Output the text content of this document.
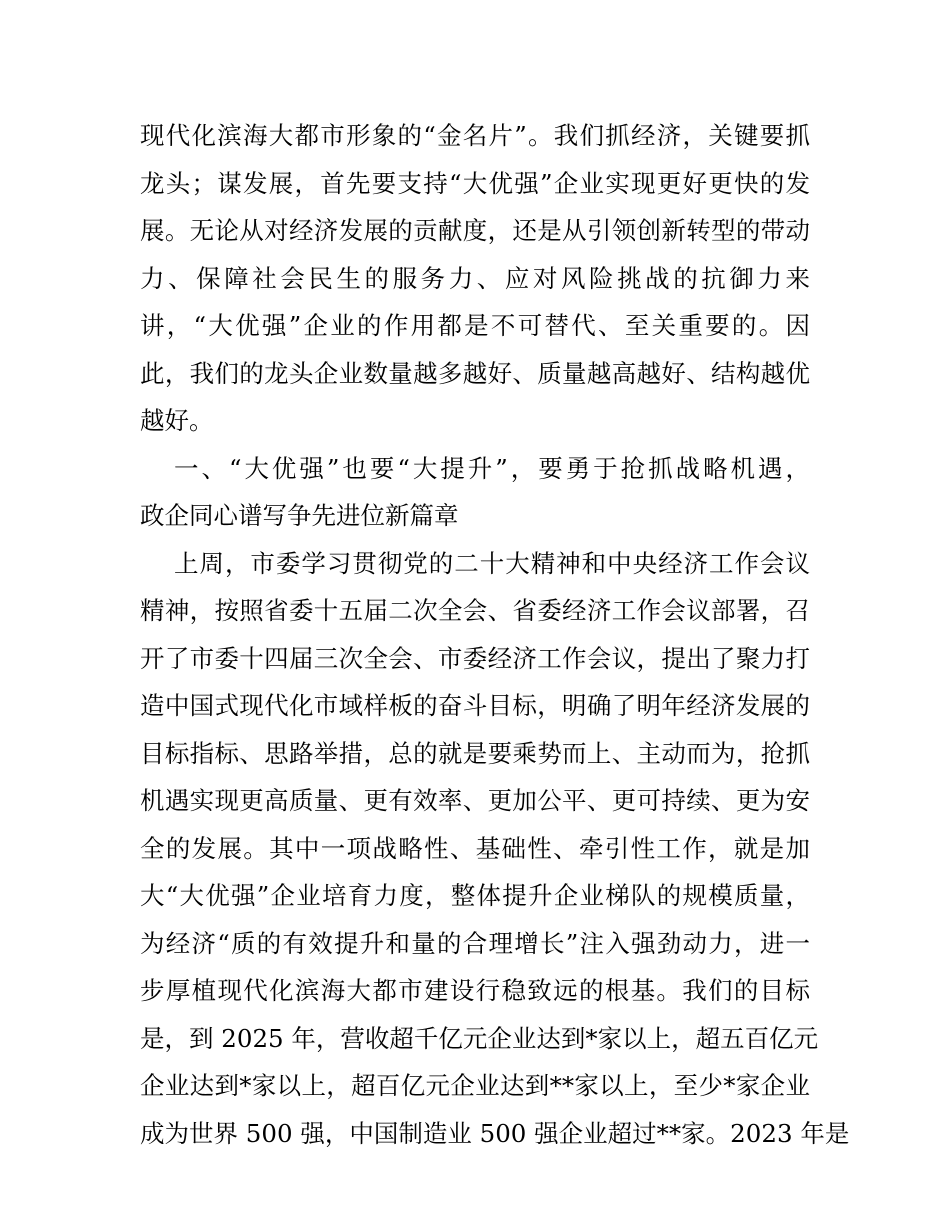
现代化滨海大都市形象的“金名片”。我们抓经济，关键要抓
龙头；谋发展，首先要支持“大优强”企业实现更好更快的发
展。无论从对经济发展的贡献度，还是从引领创新转型的带动
力、保障社会民生的服务力、应对风险挑战的抗御力来
讲，“大优强”企业的作用都是不可替代、至关重要的。因
此，我们的龙头企业数量越多越好、质量越高越好、结构越优
越好。
一、“大优强”也要“大提升”，要勇于抢抓战略机遇，
政企同心谱写争先进位新篇章
上周，市委学习贯彻党的二十大精神和中央经济工作会议
精神，按照省委十五届二次全会、省委经济工作会议部署，召
开了市委十四届三次全会、市委经济工作会议，提出了聚力打
造中国式现代化市域样板的奋斗目标，明确了明年经济发展的
目标指标、思路举措，总的就是要乘势而上、主动而为，抢抓
机遇实现更高质量、更有效率、更加公平、更可持续、更为安
全的发展。其中一项战略性、基础性、牵引性工作，就是加
大“大优强”企业培育力度，整体提升企业梯队的规模质量，
为经济“质的有效提升和量的合理增长”注入强劲动力，进一
步厚植现代化滨海大都市建设行稳致远的根基。我们的目标
是，到 2025 年，营收超千亿元企业达到*家以上，超五百亿元
企业达到*家以上，超百亿元企业达到**家以上，至少*家企业
成为世界 500 强，中国制造业 500 强企业超过**家。2023 年是
